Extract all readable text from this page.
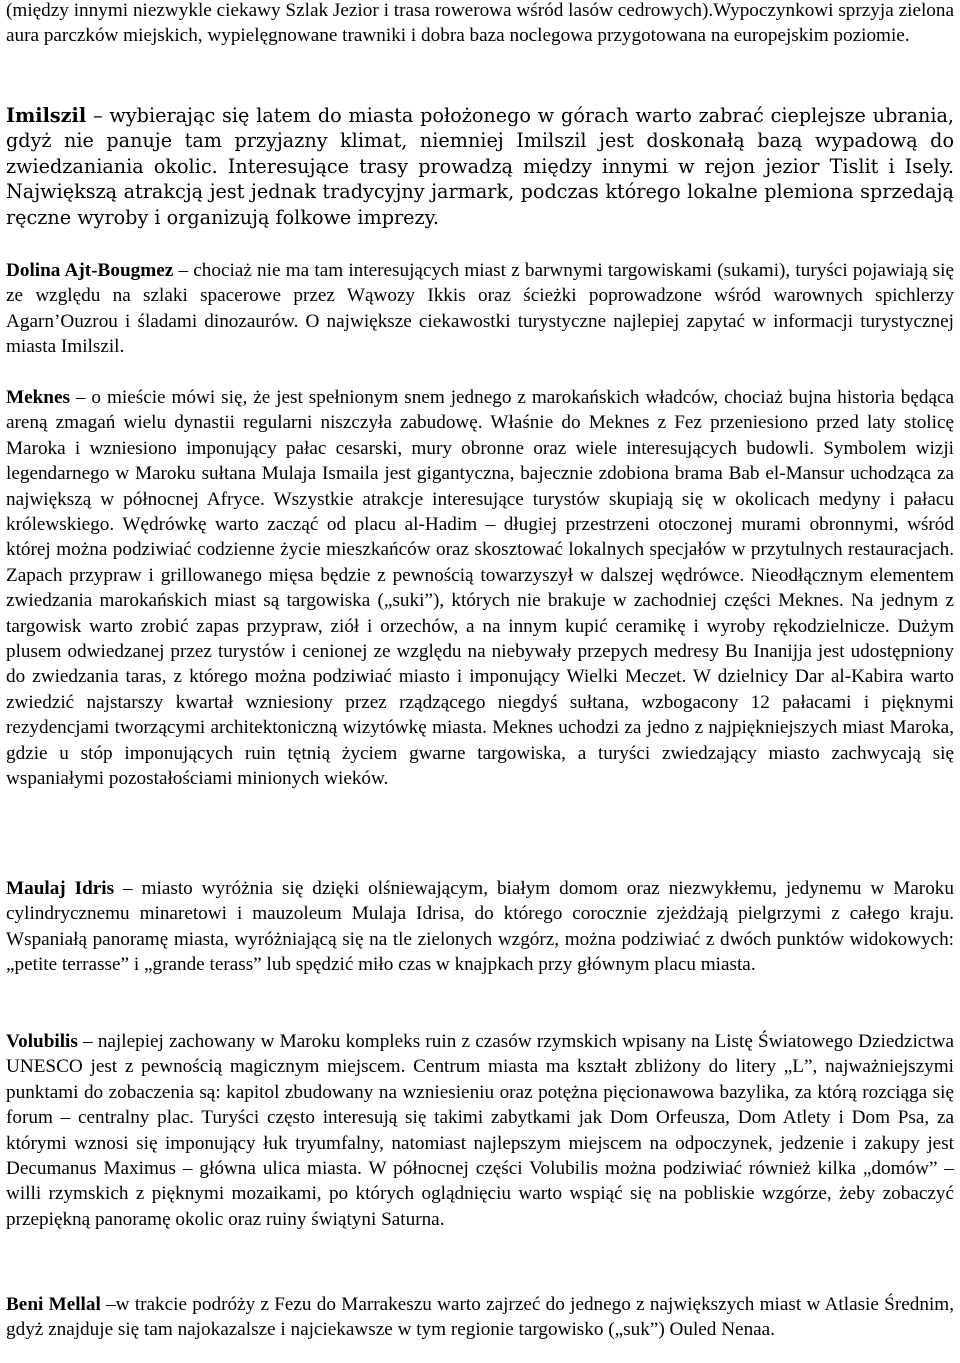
(między innymi niezwykle ciekawy Szlak Jezior i trasa rowerowa wśród lasów cedrowych).Wypoczynkowi sprzyja zielona aura parczków miejskich, wypielęgnowane trawniki i dobra baza noclegowa przygotowana na europejskim poziomie.

Imilszil – wybierając się latem do miasta położonego w górach warto zabrać cieplejsze ubrania, gdyż nie panuje tam przyjazny klimat, niemniej Imilszil jest doskonałą bazą wypadową do zwiedzaniania okolic. Interesujące trasy prowadzą między innymi w rejon jezior Tislit i Isely. Największą atrakcją jest jednak tradycyjny jarmark, podczas którego lokalne plemiona sprzedają ręczne wyroby i organizują folkowe imprezy.

Dolina Ajt-Bougmez – chociaż nie ma tam interesujących miast z barwnymi targowiskami (sukami), turyści pojawiają się ze względu na szlaki spacerowe przez Wąwozy Ikkis oraz ścieżki poprowadzone wśród warownych spichlerzy Agarn’Ouzrou i śladami dinozaurów. O największe ciekawostki turystyczne najlepiej zapytać w informacji turystycznej miasta Imilszil.

Meknes – o mieście mówi się, że jest spełnionym snem jednego z marokańskich władców, chociaż bujna historia będąca areną zmagań wielu dynastii regularni niszczyła zabudowę. Właśnie do Meknes z Fez przeniesiono przed laty stolicę Maroka i wzniesiono imponujący pałac cesarski, mury obronne oraz wiele interesujących budowli. Symbolem wizji legendarnego w Maroku sułtana Mulaja Ismaila jest gigantyczna, bajecznie zdobiona brama Bab el-Mansur uchodząca za największą w północnej Afryce. Wszystkie atrakcje interesujące turystów skupiają się w okolicach medyny i pałacu królewskiego. Wędrówkę warto zacząć od placu al-Hadim – długiej przestrzeni otoczonej murami obronnymi, wśród której można podziwiać codzienne życie mieszkańców oraz skosztować lokalnych specjałów w przytulnych restauracjach. Zapach przypraw i grillowanego mięsa będzie z pewnością towarzyszył w dalszej wędrówce. Nieodłącznym elementem zwiedzania marokańskich miast są targowiska („suki”), których nie brakuje w zachodniej części Meknes. Na jednym z targowisk warto zrobić zapas przypraw, ziół i orzechów, a na innym kupić ceramikę i wyroby rękodzielnicze. Dużym plusem odwiedzanej przez turystów i cenionej ze względu na niebywały przepych medresy Bu Inanijja jest udostępniony do zwiedzania taras, z którego można podziwiać miasto i imponujący Wielki Meczet. W dzielnicy Dar al-Kabira warto zwiedzić najstarszy kwartał wzniesiony przez rządzącego niegdyś sułtana, wzbogacony 12 pałacami i pięknymi rezydencjami tworzącymi architektoniczną wizytówkę miasta. Meknes uchodzi za jedno z najpiękniejszych miast Maroka, gdzie u stóp imponujących ruin tętnią życiem gwarne targowiska, a turyści zwiedzający miasto zachwycają się wspaniałymi pozostałościami minionych wieków.

Maulaj Idris – miasto wyróżnia się dzięki olśniewającym, białym domom oraz niezwykłemu, jedynemu w Maroku cylindrycznemu minaretowi i mauzoleum Mulaja Idrisa, do którego corocznie zjeżdżają pielgrzymi z całego kraju. Wspaniałą panoramę miasta, wyróżniającą się na tle zielonych wzgórz, można podziwiać z dwóch punktów widokowych: „petite terrasse” i „grande terass” lub spędzić miło czas w knajpkach przy głównym placu miasta.

Volubilis – najlepiej zachowany w Maroku kompleks ruin z czasów rzymskich wpisany na Listę Światowego Dziedzictwa UNESCO jest z pewnością magicznym miejscem. Centrum miasta ma kształt zbliżony do litery „L”, najważniejszymi punktami do zobaczenia są: kapitol zbudowany na wzniesieniu oraz potężna pięcionawowa bazylika, za którą rozciąga się forum – centralny plac. Turyści często interesują się takimi zabytkami jak Dom Orfeusza, Dom Atlety i Dom Psa, za którymi wznosi się imponujący łuk tryumfalny, natomiast najlepszym miejscem na odpoczynek, jedzenie i zakupy jest Decumanus Maximus – główna ulica miasta. W północnej części Volubilis można podziwiać również kilka „domów” – willi rzymskich z pięknymi mozaikami, po których oglądnięciu warto wspiąć się na pobliskie wzgórze, żeby zobaczyć przepiękną panoramę okolic oraz ruiny świątyni Saturna.

Beni Mellal –w trakcie podróży z Fezu do Marrakeszu warto zajrzeć do jednego z największych miast w Atlasie Średnim, gdyż znajduje się tam najokazalsze i najciekawsze w tym regionie targowisko („suk”) Ouled Nenaa.
